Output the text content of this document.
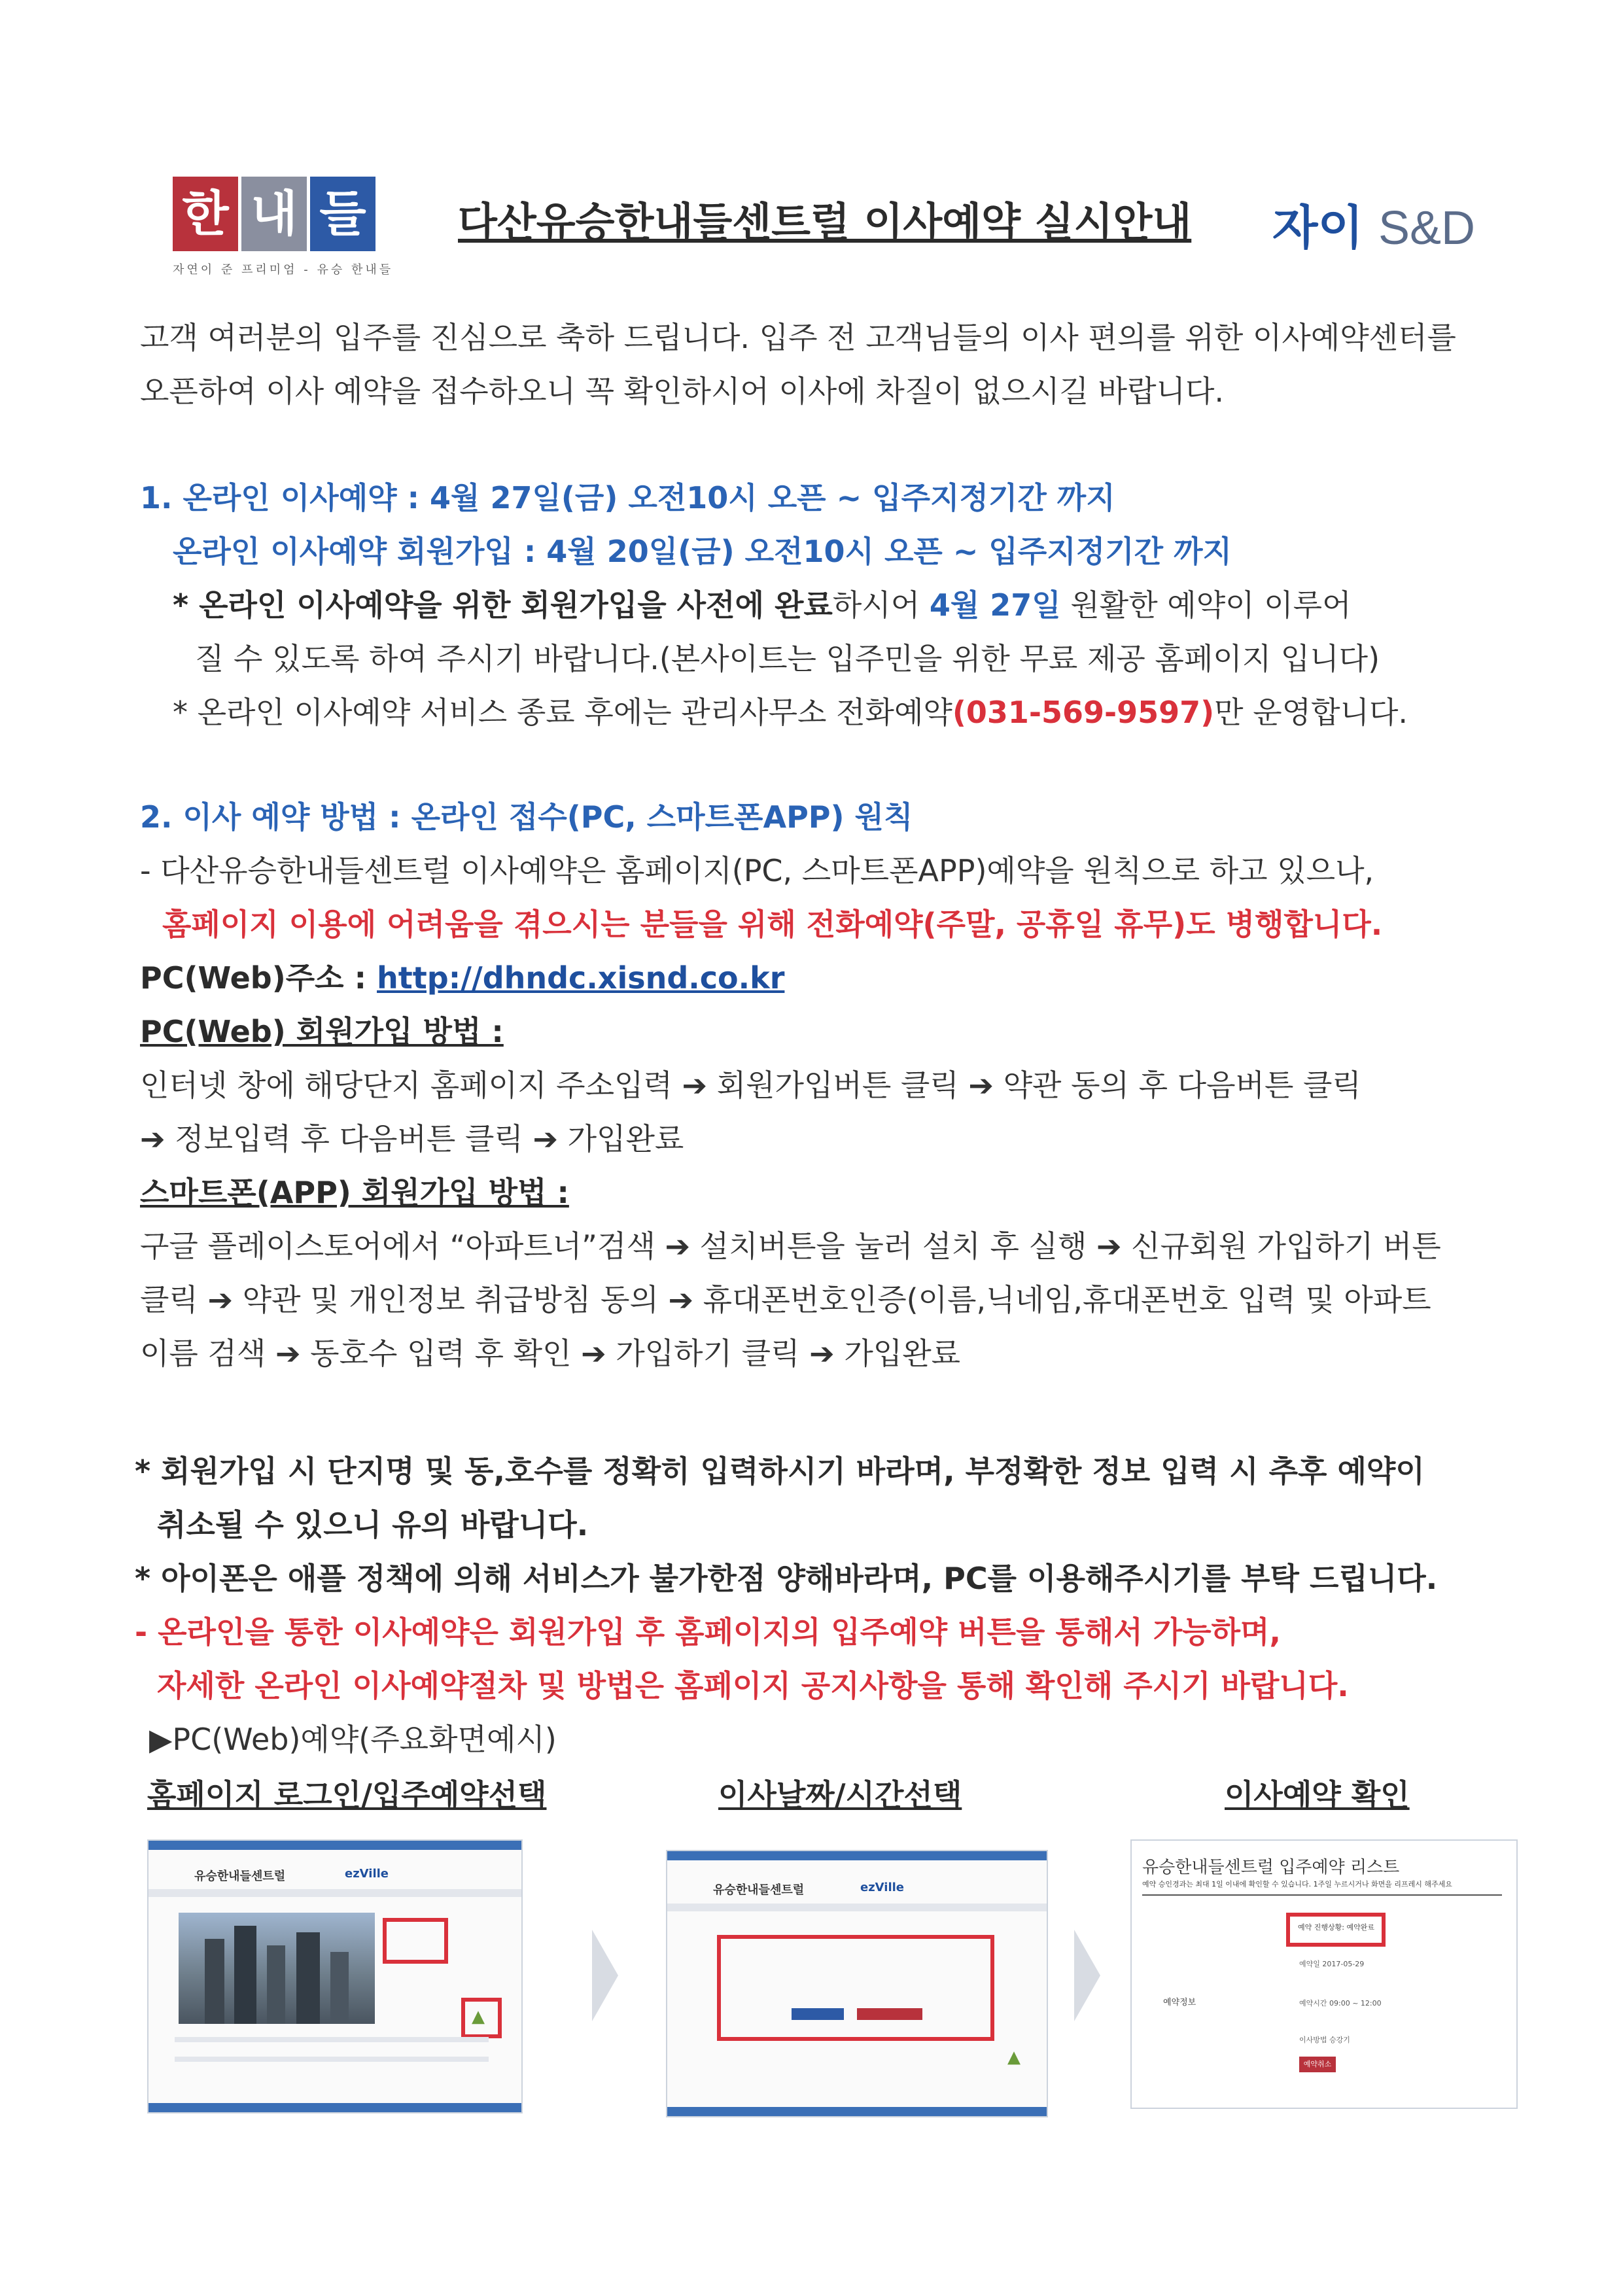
한 내 들
자연이 준 프리미엄 - 유승 한내들
다산유승한내들센트럴 이사예약 실시안내 자이 S&D
고객 여러분의 입주를 진심으로 축하 드립니다. 입주 전 고객님들의 이사 편의를 위한 이사예약센터를
오픈하여 이사 예약을 접수하오니 꼭 확인하시어 이사에 차질이 없으시길 바랍니다.
1. 온라인 이사예약 : 4월 27일(금) 오전10시 오픈 ~ 입주지정기간 까지
온라인 이사예약 회원가입 : 4월 20일(금) 오전10시 오픈 ~ 입주지정기간 까지
* 온라인 이사예약을 위한 회원가입을 사전에 완료하시어 4월 27일 원활한 예약이 이루어
질 수 있도록 하여 주시기 바랍니다.(본사이트는 입주민을 위한 무료 제공 홈페이지 입니다)
* 온라인 이사예약 서비스 종료 후에는 관리사무소 전화예약(031-569-9597)만 운영합니다.
2. 이사 예약 방법 : 온라인 접수(PC, 스마트폰APP) 원칙
- 다산유승한내들센트럴 이사예약은 홈페이지(PC, 스마트폰APP)예약을 원칙으로 하고 있으나,
홈페이지 이용에 어려움을 겪으시는 분들을 위해 전화예약(주말, 공휴일 휴무)도 병행합니다.
PC(Web)주소 : http://dhndc.xisnd.co.kr
PC(Web) 회원가입 방법 :
인터넷 창에 해당단지 홈페이지 주소입력 ➔ 회원가입버튼 클릭 ➔ 약관 동의 후 다음버튼 클릭
➔ 정보입력 후 다음버튼 클릭 ➔ 가입완료
스마트폰(APP) 회원가입 방법 :
구글 플레이스토어에서 “아파트너”검색 ➔ 설치버튼을 눌러 설치 후 실행 ➔ 신규회원 가입하기 버튼
클릭 ➔ 약관 및 개인정보 취급방침 동의 ➔ 휴대폰번호인증(이름,닉네임,휴대폰번호 입력 및 아파트
이름 검색 ➔ 동호수 입력 후 확인 ➔ 가입하기 클릭 ➔ 가입완료
* 회원가입 시 단지명 및 동,호수를 정확히 입력하시기 바라며, 부정확한 정보 입력 시 추후 예약이
취소될 수 있으니 유의 바랍니다.
* 아이폰은 애플 정책에 의해 서비스가 불가한점 양해바라며, PC를 이용해주시기를 부탁 드립니다.
- 온라인을 통한 이사예약은 회원가입 후 홈페이지의 입주예약 버튼을 통해서 가능하며,
자세한 온라인 이사예약절차 및 방법은 홈페이지 공지사항을 통해 확인해 주시기 바랍니다.
▶PC(Web)예약(주요화면예시)
홈페이지 로그인/입주예약선택	이사날짜/시간선택	이사예약 확인
유승한내들센트럴	ezVille
▲
유승한내들센트럴	ezVille
▲
유승한내들센트럴 입주예약 리스트
예약 승인경과는 최대 1일 이내에 확인할 수 있습니다. 1주일 누르시거나 화면을 리프레시 해주세요
예약 진행상황: 예약완료
예약일 2017-05-29
예약정보	예약시간 09:00 ~ 12:00
이사방법 승강기
예약취소
